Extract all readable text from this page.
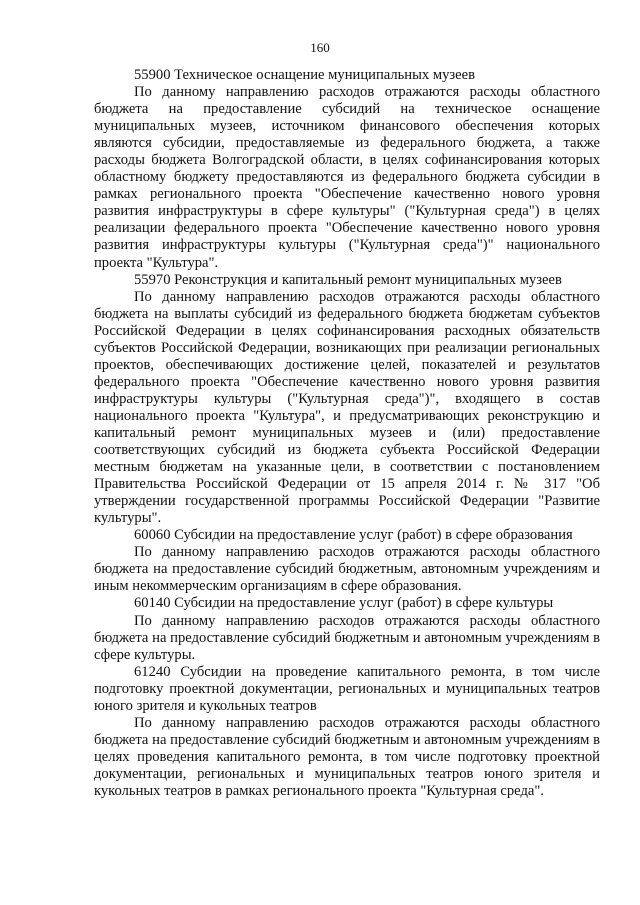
160

55900 Техническое оснащение муниципальных музеев

По данному направлению расходов отражаются расходы областного бюджета на предоставление субсидий на техническое оснащение муниципальных музеев, источником финансового обеспечения которых являются субсидии, предоставляемые из федерального бюджета, а также расходы бюджета Волгоградской области, в целях софинансирования которых областному бюджету предоставляются из федерального бюджета субсидии в рамках регионального проекта "Обеспечение качественно нового уровня развития инфраструктуры в сфере культуры" ("Культурная среда") в целях реализации федерального проекта "Обеспечение качественно нового уровня развития инфраструктуры культуры ("Культурная среда")" национального проекта "Культура".

55970 Реконструкция и капитальный ремонт муниципальных музеев

По данному направлению расходов отражаются расходы областного бюджета на выплаты субсидий из федерального бюджета бюджетам субъектов Российской Федерации в целях софинансирования расходных обязательств субъектов Российской Федерации, возникающих при реализации региональных проектов, обеспечивающих достижение целей, показателей и результатов федерального проекта "Обеспечение качественно нового уровня развития инфраструктуры культуры ("Культурная среда")", входящего в состав национального проекта "Культура", и предусматривающих реконструкцию и капитальный ремонт муниципальных музеев и (или) предоставление соответствующих субсидий из бюджета субъекта Российской Федерации местным бюджетам на указанные цели, в соответствии с постановлением Правительства Российской Федерации от 15 апреля 2014 г. № 317 "Об утверждении государственной программы Российской Федерации "Развитие культуры".

60060 Субсидии на предоставление услуг (работ) в сфере образования

По данному направлению расходов отражаются расходы областного бюджета на предоставление субсидий бюджетным, автономным учреждениям и иным некоммерческим организациям в сфере образования.

60140 Субсидии на предоставление услуг (работ) в сфере культуры

По данному направлению расходов отражаются расходы областного бюджета на предоставление субсидий бюджетным и автономным учреждениям в сфере культуры.

61240 Субсидии на проведение капитального ремонта, в том числе подготовку проектной документации, региональных и муниципальных театров юного зрителя и кукольных театров

По данному направлению расходов отражаются расходы областного бюджета на предоставление субсидий бюджетным и автономным учреждениям в целях проведения капитального ремонта, в том числе подготовку проектной документации, региональных и муниципальных театров юного зрителя и кукольных театров в рамках регионального проекта "Культурная среда".
